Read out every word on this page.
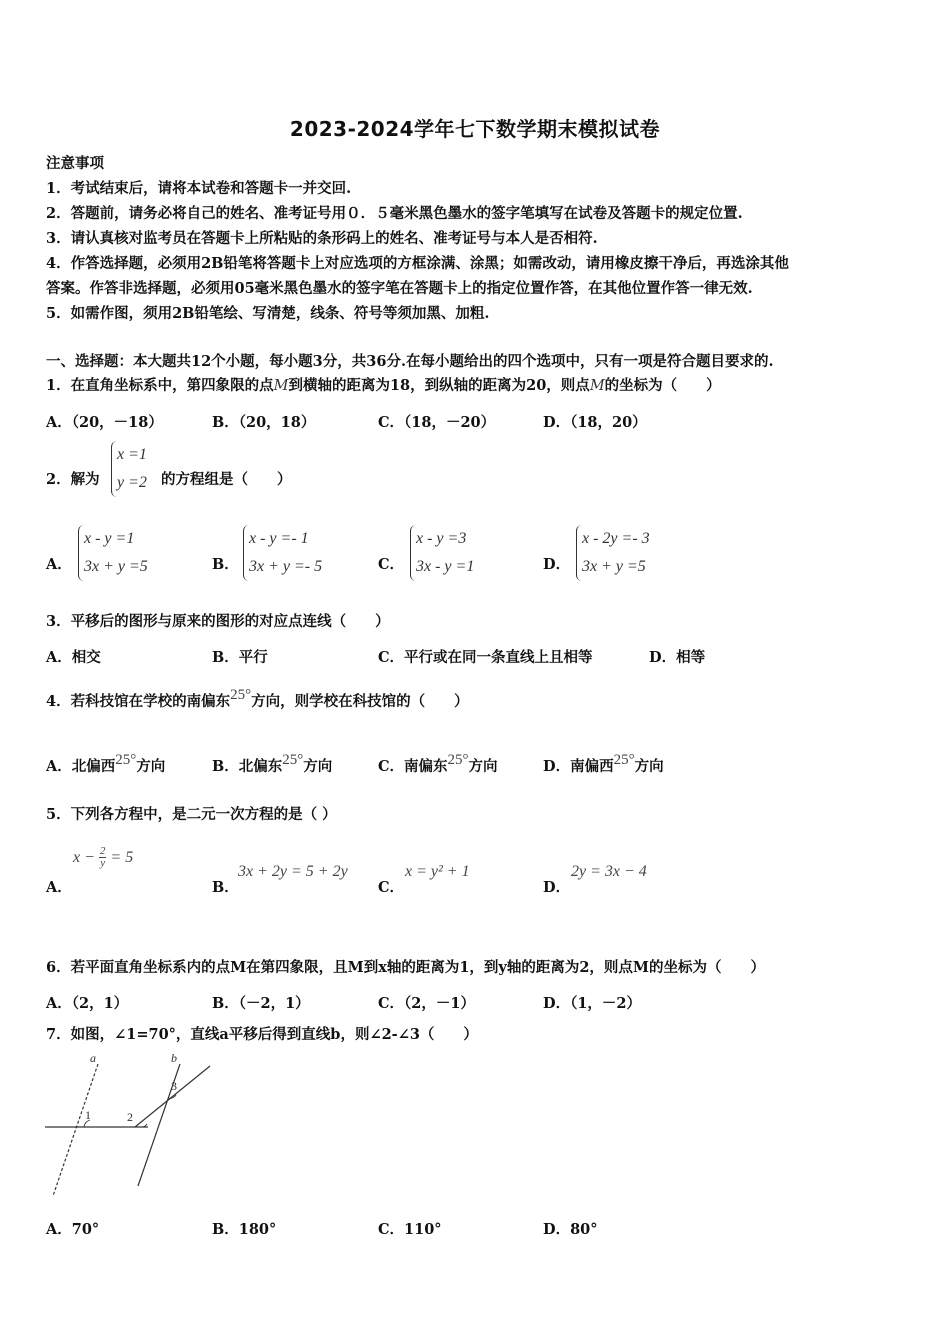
2023-2024学年七下数学期末模拟试卷
注意事项
1．考试结束后，请将本试卷和答题卡一并交回.
2．答题前，请务必将自己的姓名、准考证号用０．５毫米黑色墨水的签字笔填写在试卷及答题卡的规定位置.
3．请认真核对监考员在答题卡上所粘贴的条形码上的姓名、准考证号与本人是否相符.
4．作答选择题，必须用2B铅笔将答题卡上对应选项的方框涂满、涂黑；如需改动，请用橡皮擦干净后，再选涂其他
答案。作答非选择题，必须用05毫米黑色墨水的签字笔在答题卡上的指定位置作答，在其他位置作答一律无效.
5．如需作图，须用2B铅笔绘、写清楚，线条、符号等须加黑、加粗.
一、选择题：本大题共12个小题，每小题3分，共36分.在每小题给出的四个选项中，只有一项是符合题目要求的.
1．在直角坐标系中，第四象限的点M到横轴的距离为18，到纵轴的距离为20，则点M的坐标为（　　）
A．（20，－18）	B．（20，18）	C．（18，－20）	D．（18，20）
2．解为
x =1
y =2 的方程组是（　　）
A．
x - y =1
3x + y =5	B．
x - y =- 1
3x + y =- 5	C．
x - y =3
3x - y =1	D．
x - 2y =- 3
3x + y =5
3．平移后的图形与原来的图形的对应点连线（　　）
A．相交	B．平行	C．平行或在同一条直线上且相等	D．相等
4．若科技馆在学校的南偏东25°方向，则学校在科技馆的（　　）
A．北偏西25°方向	B．北偏东25°方向	C．南偏东25°方向	D．南偏西25°方向
5．下列各方程中，是二元一次方程的是（ ）
A．
$x - \frac{2}{y} = 5$
B．
3x + 2y = 5 + 2y
C．
x = y² + 1
D．
2y = 3x − 4
6．若平面直角坐标系内的点M在第四象限，且M到x轴的距离为1，到y轴的距离为2，则点M的坐标为（　　）
A．（2，1）	B．（－2，1）	C．（2，－1）	D．（1，－2）
7．如图，∠1=70°，直线a平移后得到直线b，则∠2-∠3（　　）
a	b
1	2
3
A．70°	B．180°	C．110°	D．80°
